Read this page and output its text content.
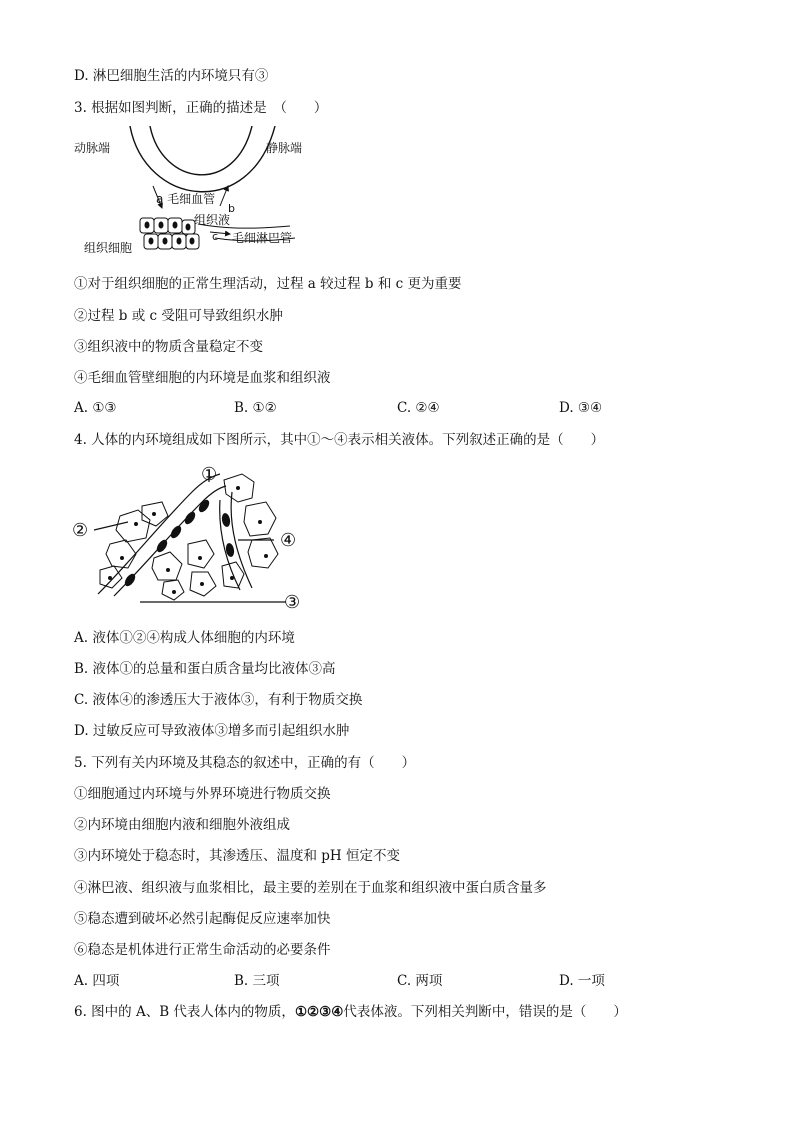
D. 淋巴细胞生活的内环境只有③
3. 根据如图判断，正确的描述是　（　　）
动脉端	静脉端
a 毛细血管
b
组织液
c 毛细淋巴管
组织细胞
①对于组织细胞的正常生理活动，过程 a 较过程 b 和 c 更为重要
②过程 b 或 c 受阻可导致组织水肿
③组织液中的物质含量稳定不变
④毛细血管壁细胞的内环境是血浆和组织液
A. ①③	B. ①②	C. ②④	D. ③④
4. 人体的内环境组成如下图所示，其中①～④表示相关液体。下列叙述正确的是（　　）
①
②
③
④
A. 液体①②④构成人体细胞的内环境
B. 液体①的总量和蛋白质含量均比液体③高
C. 液体④的渗透压大于液体③，有利于物质交换
D. 过敏反应可导致液体③增多而引起组织水肿
5. 下列有关内环境及其稳态的叙述中，正确的有（　　）
①细胞通过内环境与外界环境进行物质交换
②内环境由细胞内液和细胞外液组成
③内环境处于稳态时，其渗透压、温度和 pH 恒定不变
④淋巴液、组织液与血浆相比，最主要的差别在于血浆和组织液中蛋白质含量多
⑤稳态遭到破坏必然引起酶促反应速率加快
⑥稳态是机体进行正常生命活动的必要条件
A. 四项	B. 三项	C. 两项	D. 一项
6. 图中的 A、B 代表人体内的物质，①②③④代表体液。下列相关判断中，错误的是（　　）
